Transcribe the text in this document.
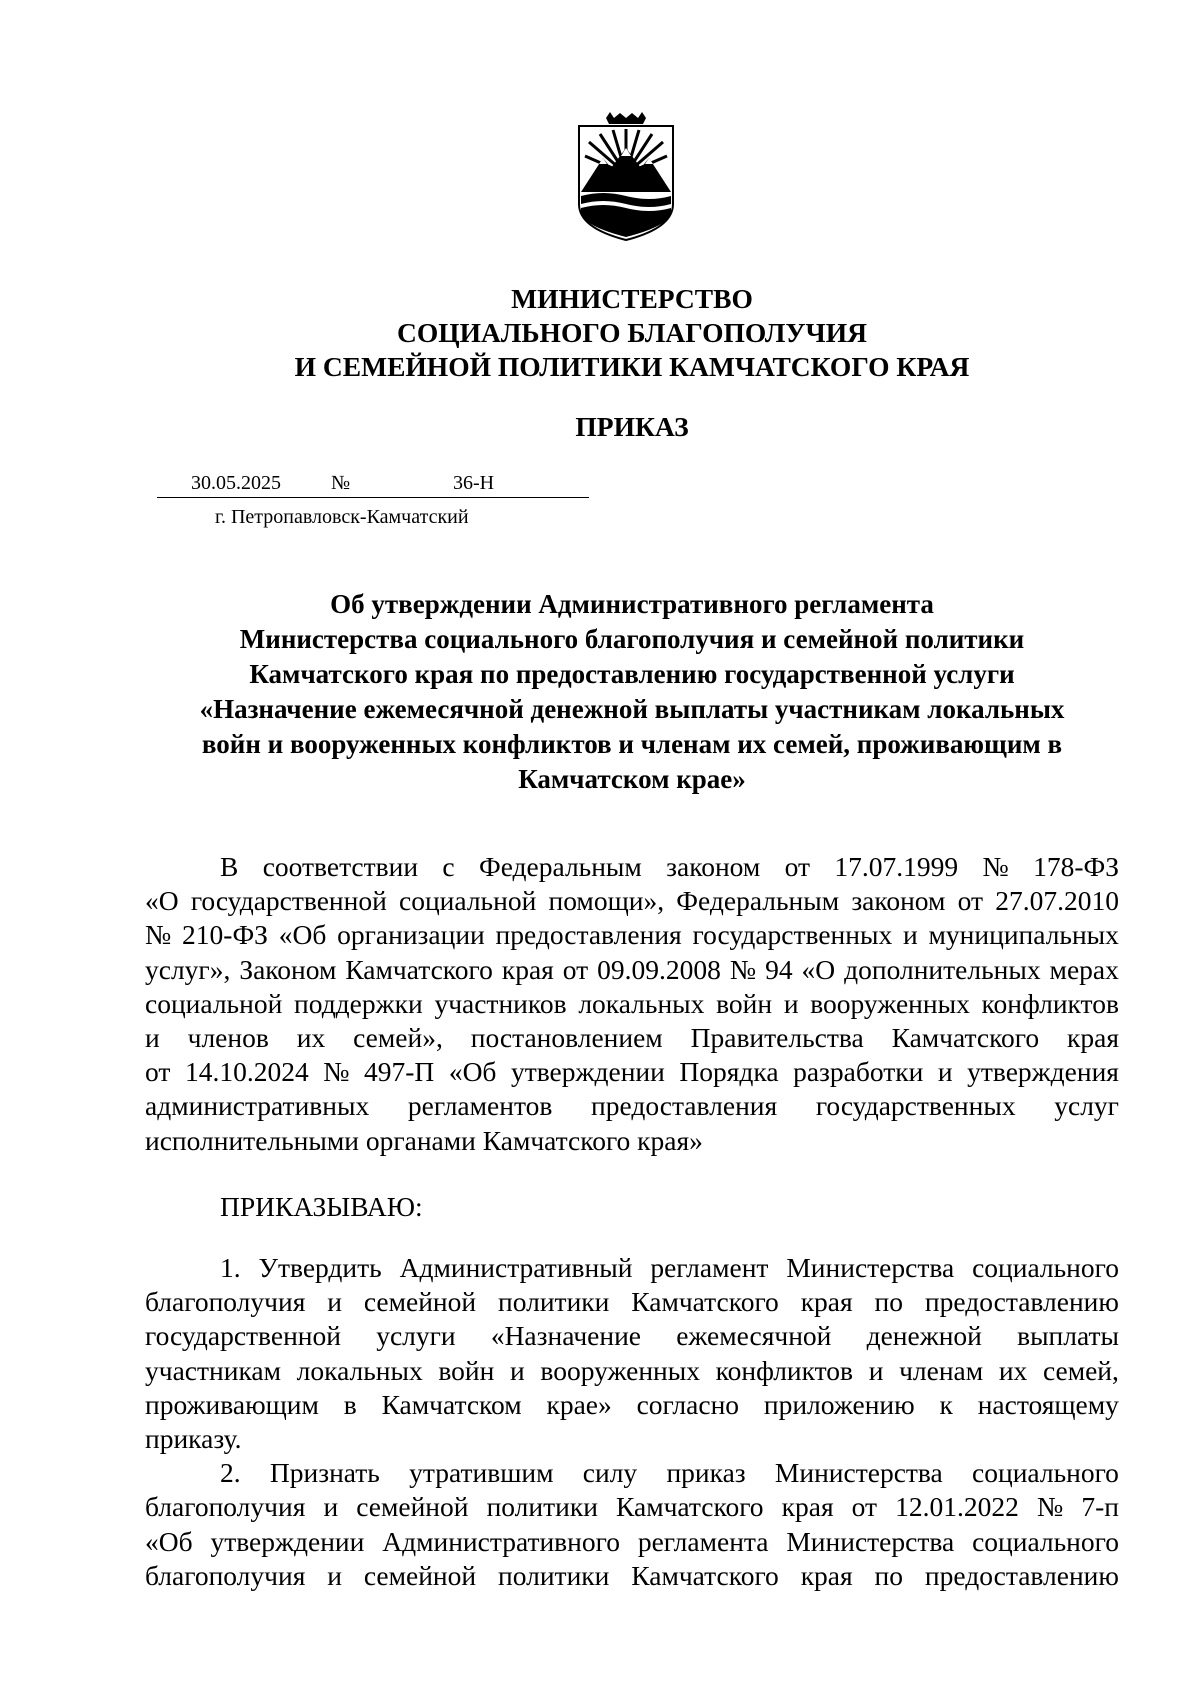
МИНИСТЕРСТВО
СОЦИАЛЬНОГО БЛАГОПОЛУЧИЯ
И СЕМЕЙНОЙ ПОЛИТИКИ КАМЧАТСКОГО КРАЯ
ПРИКАЗ
30.05.2025	№	36-Н
г. Петропавловск-Камчатский
Об утверждении Административного регламента
Министерства социального благополучия и семейной политики
Камчатского края по предоставлению государственной услуги
«Назначение ежемесячной денежной выплаты участникам локальных
войн и вооруженных конфликтов и членам их семей, проживающим в
Камчатском крае»
В соответствии с Федеральным законом от 17.07.1999 № 178-ФЗ
«О государственной социальной помощи», Федеральным законом от 27.07.2010
№ 210-ФЗ «Об организации предоставления государственных и муниципальных
услуг», Законом Камчатского края от 09.09.2008 № 94 «О дополнительных мерах
социальной поддержки участников локальных войн и вооруженных конфликтов
и членов их семей», постановлением Правительства Камчатского края
от 14.10.2024 № 497-П «Об утверждении Порядка разработки и утверждения
административных регламентов предоставления государственных услуг
исполнительными органами Камчатского края»
ПРИКАЗЫВАЮ:
1. Утвердить Административный регламент Министерства социального
благополучия и семейной политики Камчатского края по предоставлению
государственной услуги «Назначение ежемесячной денежной выплаты
участникам локальных войн и вооруженных конфликтов и членам их семей,
проживающим в Камчатском крае» согласно приложению к настоящему
приказу.
2. Признать утратившим силу приказ Министерства социального
благополучия и семейной политики Камчатского края от 12.01.2022 № 7-п
«Об утверждении Административного регламента Министерства социального
благополучия и семейной политики Камчатского края по предоставлению
